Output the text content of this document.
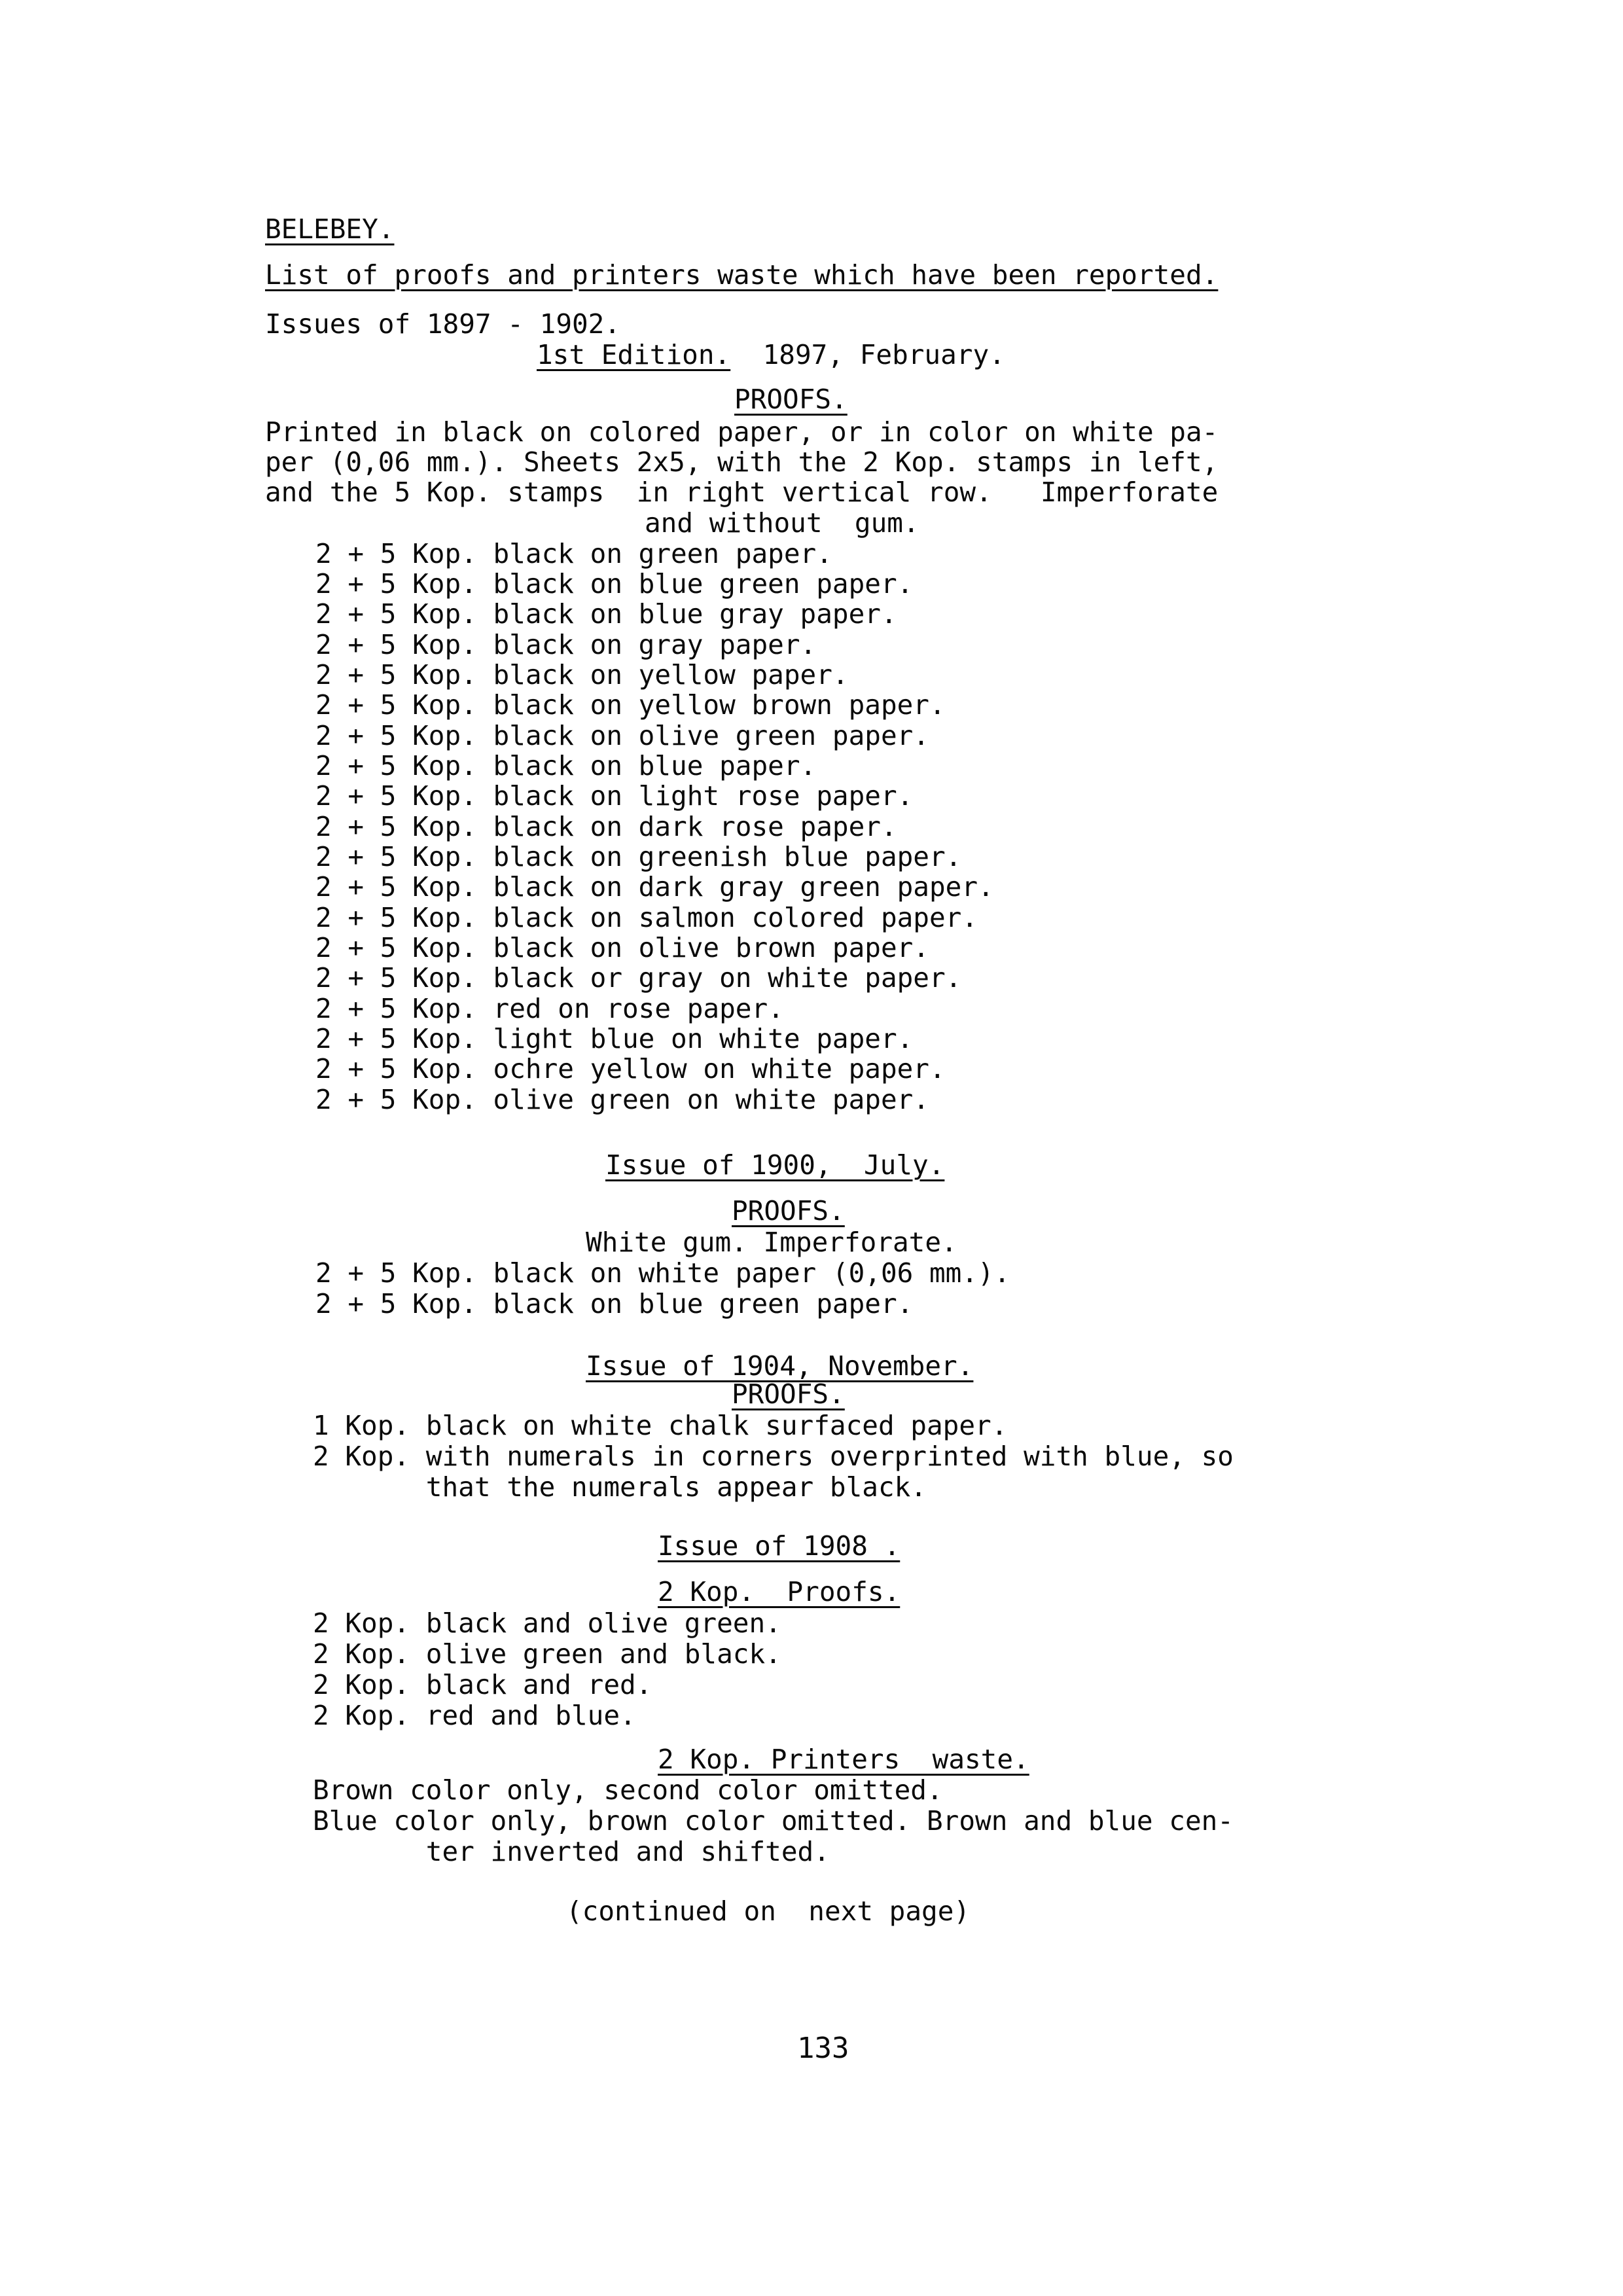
BELEBEY.
List of proofs and printers waste which have been reported.
Issues of 1897 - 1902.
1st Edition. 1897, February.
PROOFS.
Printed in black on colored paper, or in color on white pa-
per (0,06 mm.). Sheets 2x5, with the 2 Kop. stamps in left,
and the 5 Kop. stamps  in right vertical row.   Imperforate
and without  gum.
2 + 5 Kop. black on green paper.
2 + 5 Kop. black on blue green paper.
2 + 5 Kop. black on blue gray paper.
2 + 5 Kop. black on gray paper.
2 + 5 Kop. black on yellow paper.
2 + 5 Kop. black on yellow brown paper.
2 + 5 Kop. black on olive green paper.
2 + 5 Kop. black on blue paper.
2 + 5 Kop. black on light rose paper.
2 + 5 Kop. black on dark rose paper.
2 + 5 Kop. black on greenish blue paper.
2 + 5 Kop. black on dark gray green paper.
2 + 5 Kop. black on salmon colored paper.
2 + 5 Kop. black on olive brown paper.
2 + 5 Kop. black or gray on white paper.
2 + 5 Kop. red on rose paper.
2 + 5 Kop. light blue on white paper.
2 + 5 Kop. ochre yellow on white paper.
2 + 5 Kop. olive green on white paper.
Issue of 1900,  July.
PROOFS.
White gum. Imperforate.
2 + 5 Kop. black on white paper (0,06 mm.).
2 + 5 Kop. black on blue green paper.
Issue of 1904, November.
PROOFS.
1 Kop. black on white chalk surfaced paper.
2 Kop. with numerals in corners overprinted with blue, so
that the numerals appear black.
Issue of 1908 .
2 Kop.  Proofs.
2 Kop. black and olive green.
2 Kop. olive green and black.
2 Kop. black and red.
2 Kop. red and blue.
2 Kop. Printers  waste.
Brown color only, second color omitted.
Blue color only, brown color omitted. Brown and blue cen-
ter inverted and shifted.
(continued on  next page)
133
